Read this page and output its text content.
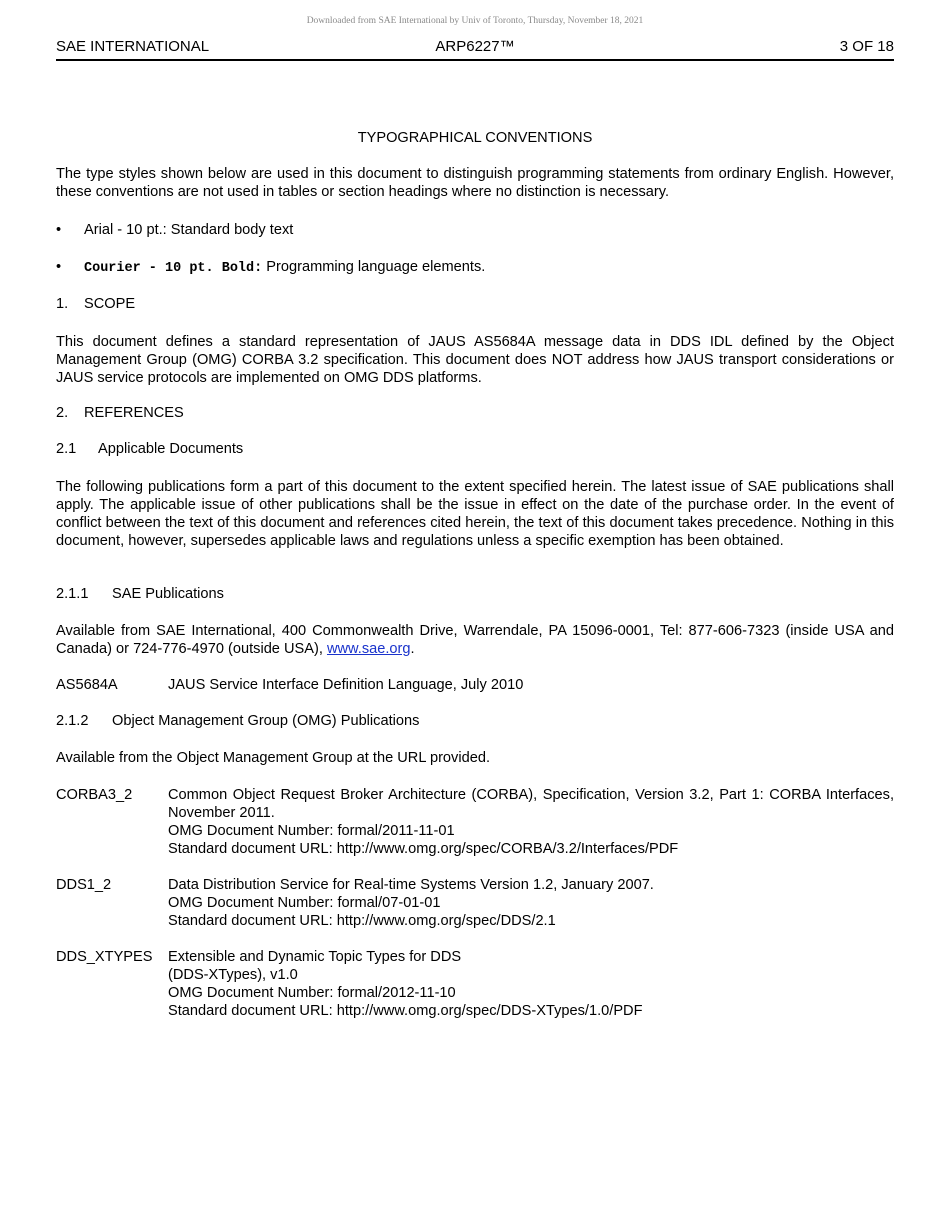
Downloaded from SAE International by Univ of Toronto, Thursday, November 18, 2021
SAE INTERNATIONAL	ARP6227™	3 OF 18
TYPOGRAPHICAL CONVENTIONS
The type styles shown below are used in this document to distinguish programming statements from ordinary English. However, these conventions are not used in tables or section headings where no distinction is necessary.
• Arial - 10 pt.: Standard body text
• Courier - 10 pt. Bold: Programming language elements.
1. SCOPE
This document defines a standard representation of JAUS AS5684A message data in DDS IDL defined by the Object Management Group (OMG) CORBA 3.2 specification. This document does NOT address how JAUS transport considerations or JAUS service protocols are implemented on OMG DDS platforms.
2. REFERENCES
2.1 Applicable Documents
The following publications form a part of this document to the extent specified herein. The latest issue of SAE publications shall apply. The applicable issue of other publications shall be the issue in effect on the date of the purchase order. In the event of conflict between the text of this document and references cited herein, the text of this document takes precedence. Nothing in this document, however, supersedes applicable laws and regulations unless a specific exemption has been obtained.
2.1.1 SAE Publications
Available from SAE International, 400 Commonwealth Drive, Warrendale, PA 15096-0001, Tel: 877-606-7323 (inside USA and Canada) or 724-776-4970 (outside USA), www.sae.org.
AS5684A	JAUS Service Interface Definition Language, July 2010
2.1.2 Object Management Group (OMG) Publications
Available from the Object Management Group at the URL provided.
CORBA3_2 Common Object Request Broker Architecture (CORBA), Specification, Version 3.2, Part 1: CORBA Interfaces, November 2011.
OMG Document Number: formal/2011-11-01
Standard document URL: http://www.omg.org/spec/CORBA/3.2/Interfaces/PDF
DDS1_2	Data Distribution Service for Real-time Systems Version 1.2, January 2007.
OMG Document Number: formal/07-01-01
Standard document URL: http://www.omg.org/spec/DDS/2.1
DDS_XTYPES Extensible and Dynamic Topic Types for DDS
(DDS-XTypes), v1.0
OMG Document Number: formal/2012-11-10
Standard document URL: http://www.omg.org/spec/DDS-XTypes/1.0/PDF
